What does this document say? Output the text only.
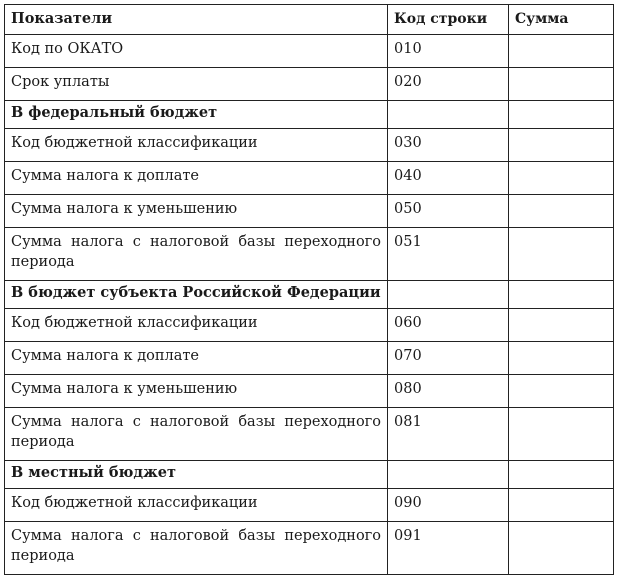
Показатели	Код строки	Сумма
Код по ОКАТО	010	
Срок уплаты	020	
В федеральный бюджет		
Код бюджетной классификации	030	
Сумма налога к доплате	040	
Сумма налога к уменьшению	050	

Сумма налога с налоговой базы переходного
периода	051	
В бюджет субъекта Российской Федерации		
Код бюджетной классификации	060	
Сумма налога к доплате	070	
Сумма налога к уменьшению	080	

Сумма налога с налоговой базы переходного
периода	081	
В местный бюджет		
Код бюджетной классификации	090	

Сумма налога с налоговой базы переходного
периода	091	
